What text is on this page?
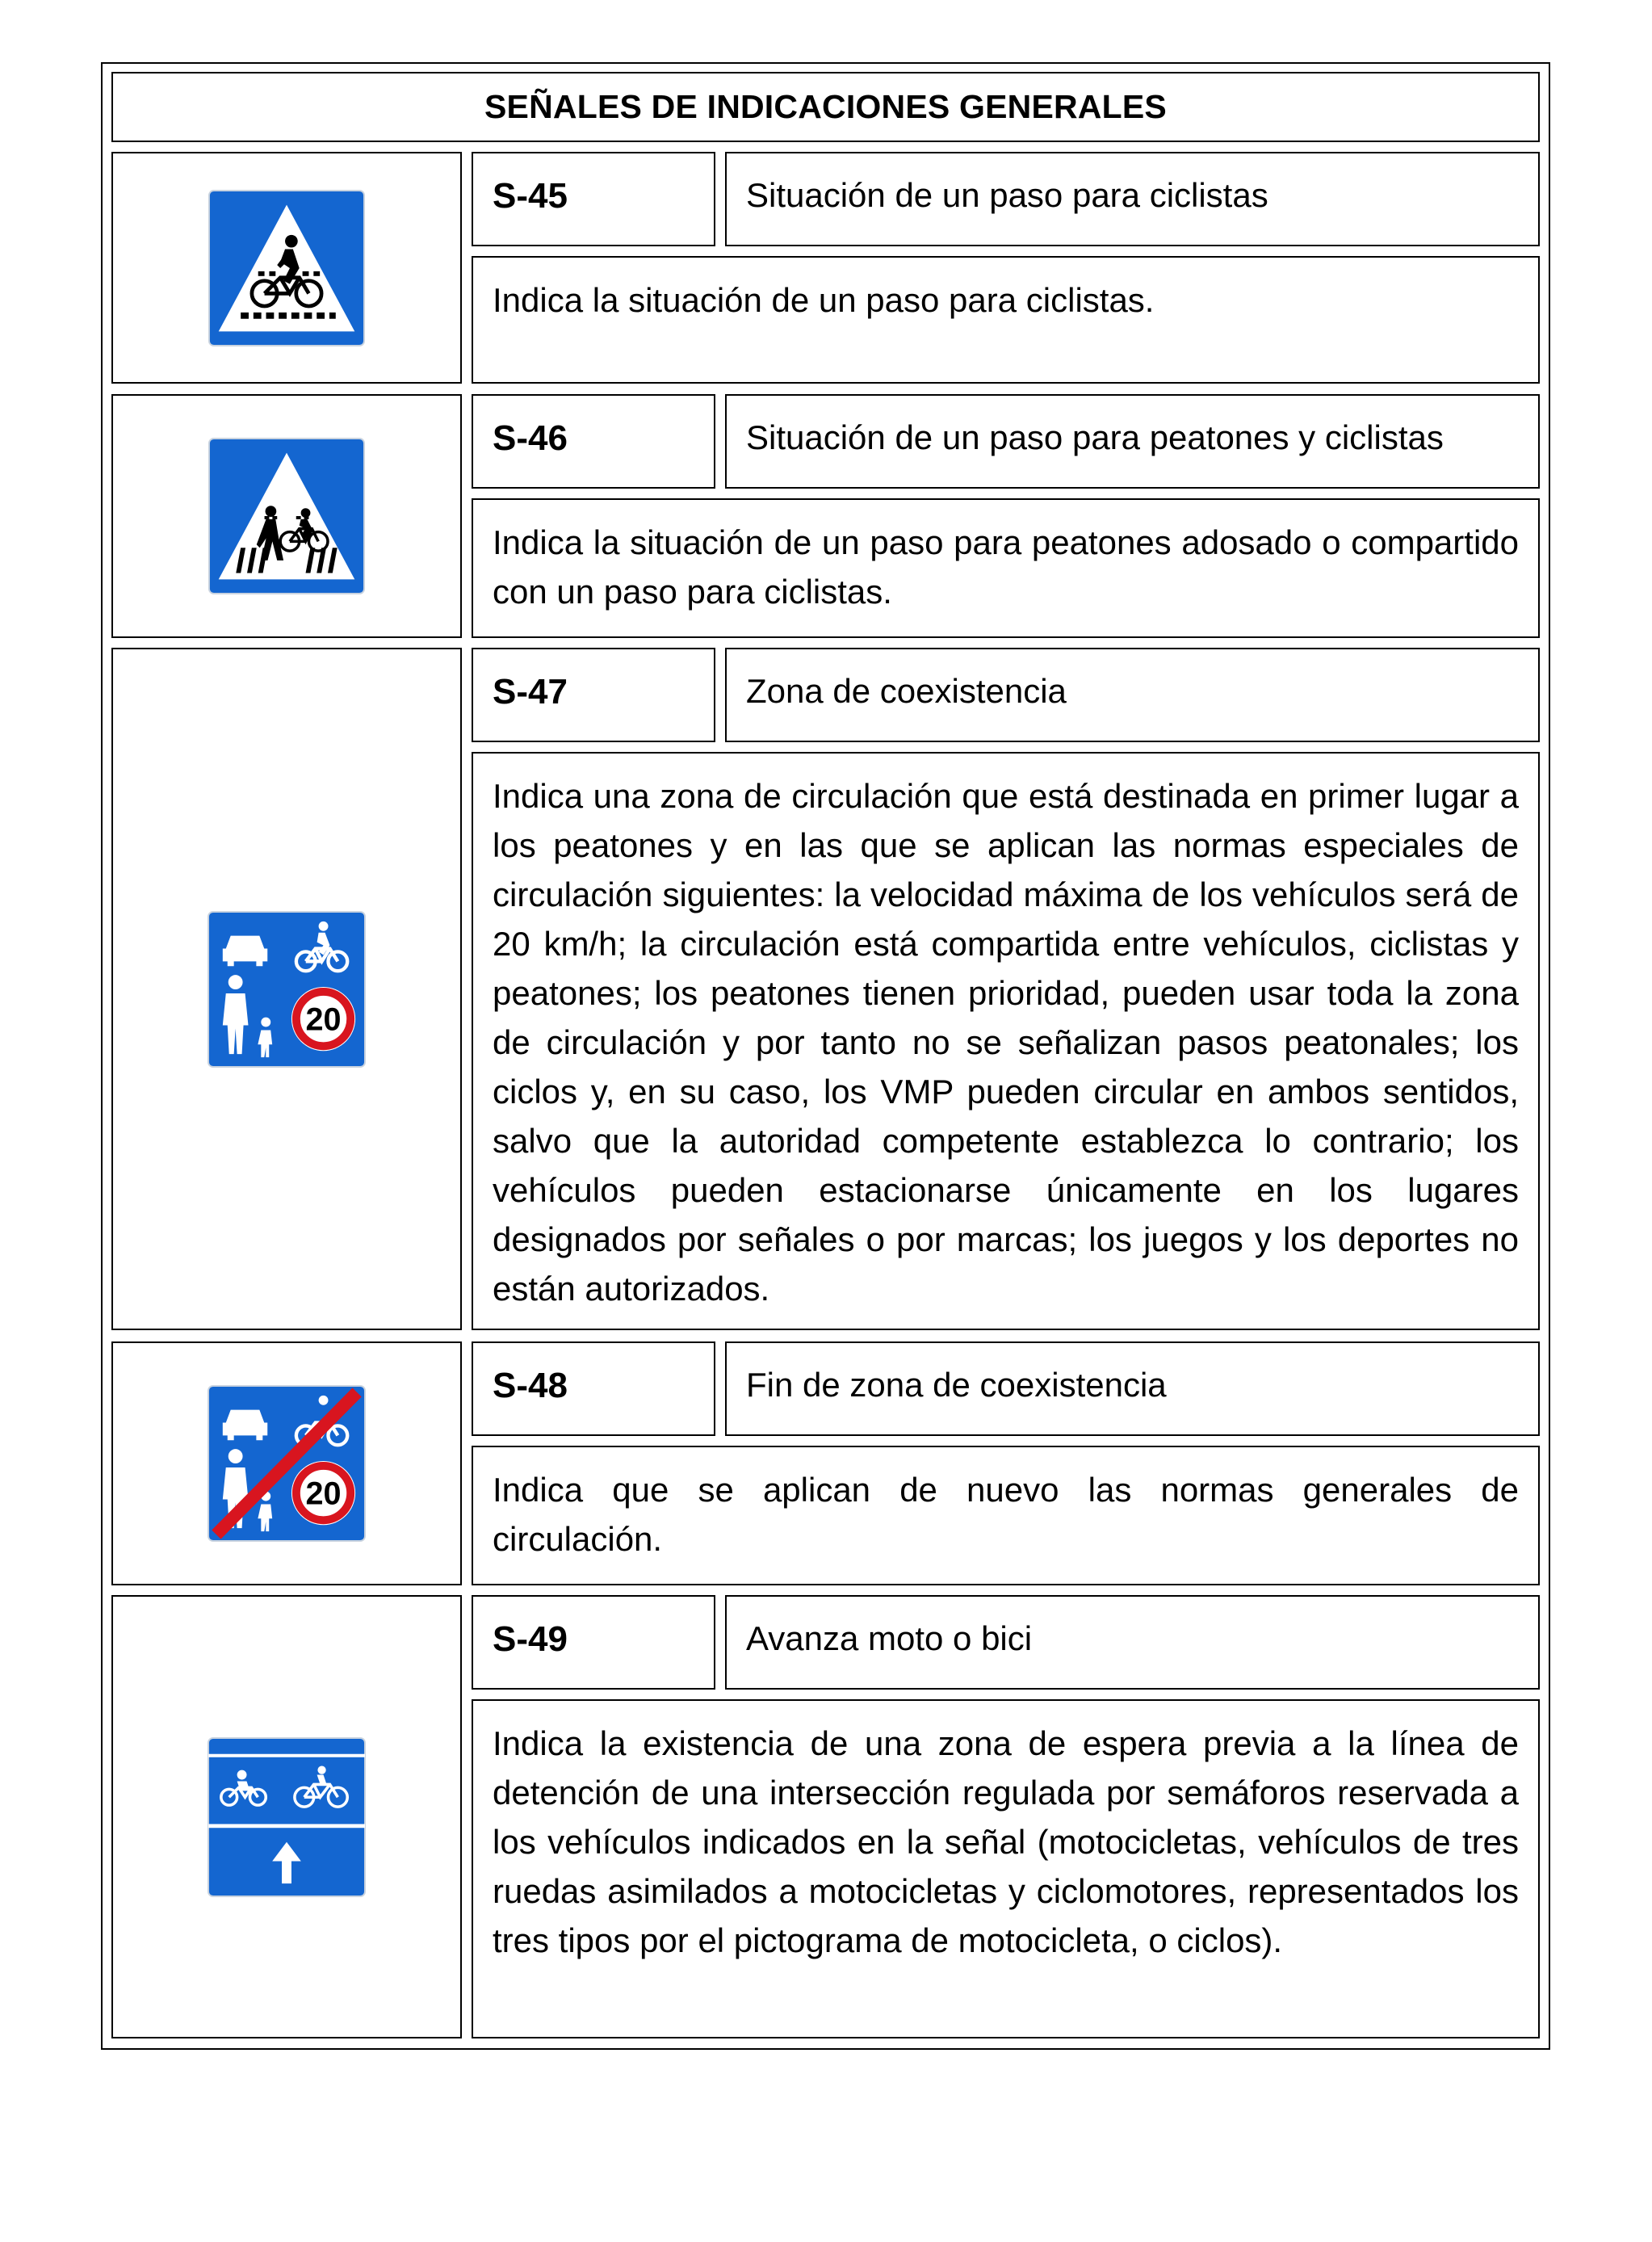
SEÑALES DE INDICACIONES GENERALES
S-45	Situación de un paso para ciclistas
Indica la situación de un paso para ciclistas.
S-46	Situación de un paso para peatones y ciclistas
Indica la situación de un paso para peatones adosado o compartido con un paso para ciclistas.
20
S-47	Zona de coexistencia
Indica una zona de circulación que está destinada en primer lugar a los peatones y en las que se aplican las normas especiales de circulación siguientes: la velocidad máxima de los vehículos será de 20 km/h; la circulación está compartida entre vehículos, ciclistas y peatones; los peatones tienen prioridad, pueden usar toda la zona de circulación y por tanto no se señalizan pasos peatonales; los ciclos y, en su caso, los VMP pueden circular en ambos sentidos, salvo que la autoridad competente establezca lo contrario; los vehículos pueden estacionarse únicamente en los lugares designados por señales o por marcas; los juegos y los deportes no están autorizados.
20
S-48	Fin de zona de coexistencia
Indica que se aplican de nuevo las normas generales de circulación.
S-49	Avanza moto o bici
Indica la existencia de una zona de espera previa a la línea de detención de una intersección regulada por semáforos reservada a los vehículos indicados en la señal (motocicletas, vehículos de tres ruedas asimilados a motocicletas y ciclomotores, representados los tres tipos por el pictograma de motocicleta, o ciclos).
